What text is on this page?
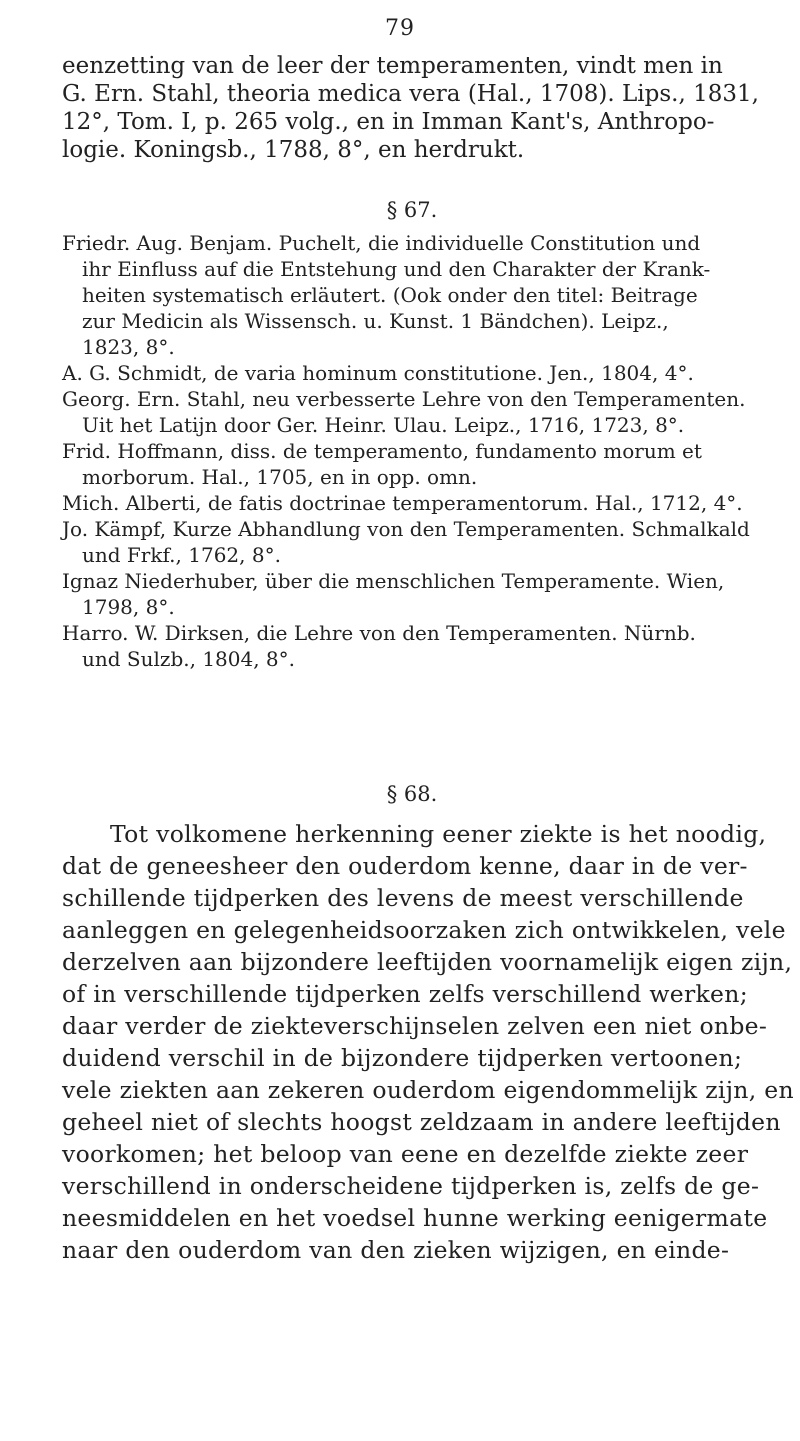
79
eenzetting van de leer der temperamenten, vindt men in
G. Ern. Stahl, theoria medica vera (Hal., 1708). Lips., 1831,
12°, Tom. I, p. 265 volg., en in Imman Kant's, Anthropo-
logie. Koningsb., 1788, 8°, en herdrukt.
§ 67.
Friedr. Aug. Benjam. Puchelt, die individuelle Constitution und
ihr Einfluss auf die Entstehung und den Charakter der Krank-
heiten systematisch erläutert. (Ook onder den titel: Beitrage
zur Medicin als Wissensch. u. Kunst. 1 Bändchen). Leipz.,
1823, 8°.
A. G. Schmidt, de varia hominum constitutione. Jen., 1804, 4°.
Georg. Ern. Stahl, neu verbesserte Lehre von den Temperamenten.
Uit het Latijn door Ger. Heinr. Ulau. Leipz., 1716, 1723, 8°.
Frid. Hoffmann, diss. de temperamento, fundamento morum et
morborum. Hal., 1705, en in opp. omn.
Mich. Alberti, de fatis doctrinae temperamentorum. Hal., 1712, 4°.
Jo. Kämpf, Kurze Abhandlung von den Temperamenten. Schmalkald
und Frkf., 1762, 8°.
Ignaz Niederhuber, über die menschlichen Temperamente. Wien,
1798, 8°.
Harro. W. Dirksen, die Lehre von den Temperamenten. Nürnb.
und Sulzb., 1804, 8°.
§ 68.
Tot volkomene herkenning eener ziekte is het noodig,
dat de geneesheer den ouderdom kenne, daar in de ver-
schillende tijdperken des levens de meest verschillende
aanleggen en gelegenheidsoorzaken zich ontwikkelen, vele
derzelven aan bijzondere leeftijden voornamelijk eigen zijn,
of in verschillende tijdperken zelfs verschillend werken;
daar verder de ziekteverschijnselen zelven een niet onbe-
duidend verschil in de bijzondere tijdperken vertoonen;
vele ziekten aan zekeren ouderdom eigendommelijk zijn, en
geheel niet of slechts hoogst zeldzaam in andere leeftijden
voorkomen; het beloop van eene en dezelfde ziekte zeer
verschillend in onderscheidene tijdperken is, zelfs de ge-
neesmiddelen en het voedsel hunne werking eenigermate
naar den ouderdom van den zieken wijzigen, en einde-
